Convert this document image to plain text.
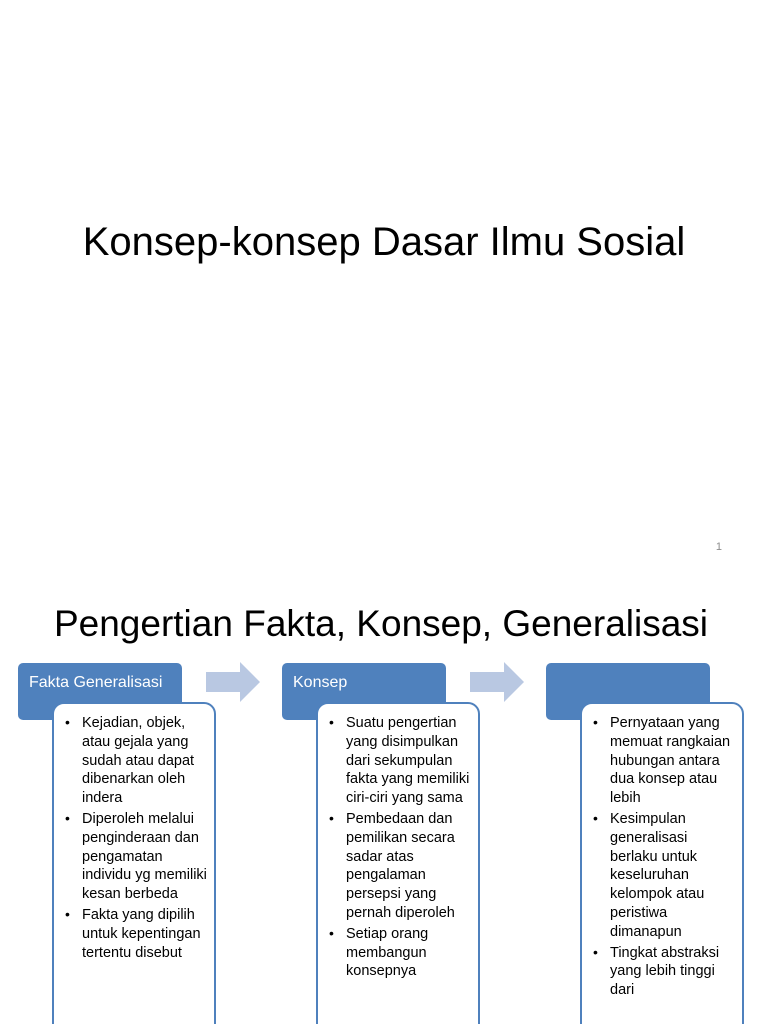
Konsep-konsep Dasar Ilmu Sosial
1
Pengertian Fakta, Konsep, Generalisasi
Fakta Generalisasi
• Kejadian, objek, atau gejala yang sudah atau dapat dibenarkan oleh indera
• Diperoleh melalui penginderaan dan pengamatan individu yg memiliki kesan berbeda
• Fakta yang dipilih untuk kepentingan tertentu disebut
Konsep
• Suatu pengertian yang disimpulkan dari sekumpulan fakta yang memiliki ciri-ciri yang sama
• Pembedaan dan pemilikan secara sadar atas pengalaman persepsi yang pernah diperoleh
• Setiap orang membangun konsepnya
• Pernyataan yang memuat rangkaian hubungan antara dua konsep atau lebih
• Kesimpulan generalisasi berlaku untuk keseluruhan kelompok atau peristiwa dimanapun
• Tingkat abstraksi yang lebih tinggi dari
